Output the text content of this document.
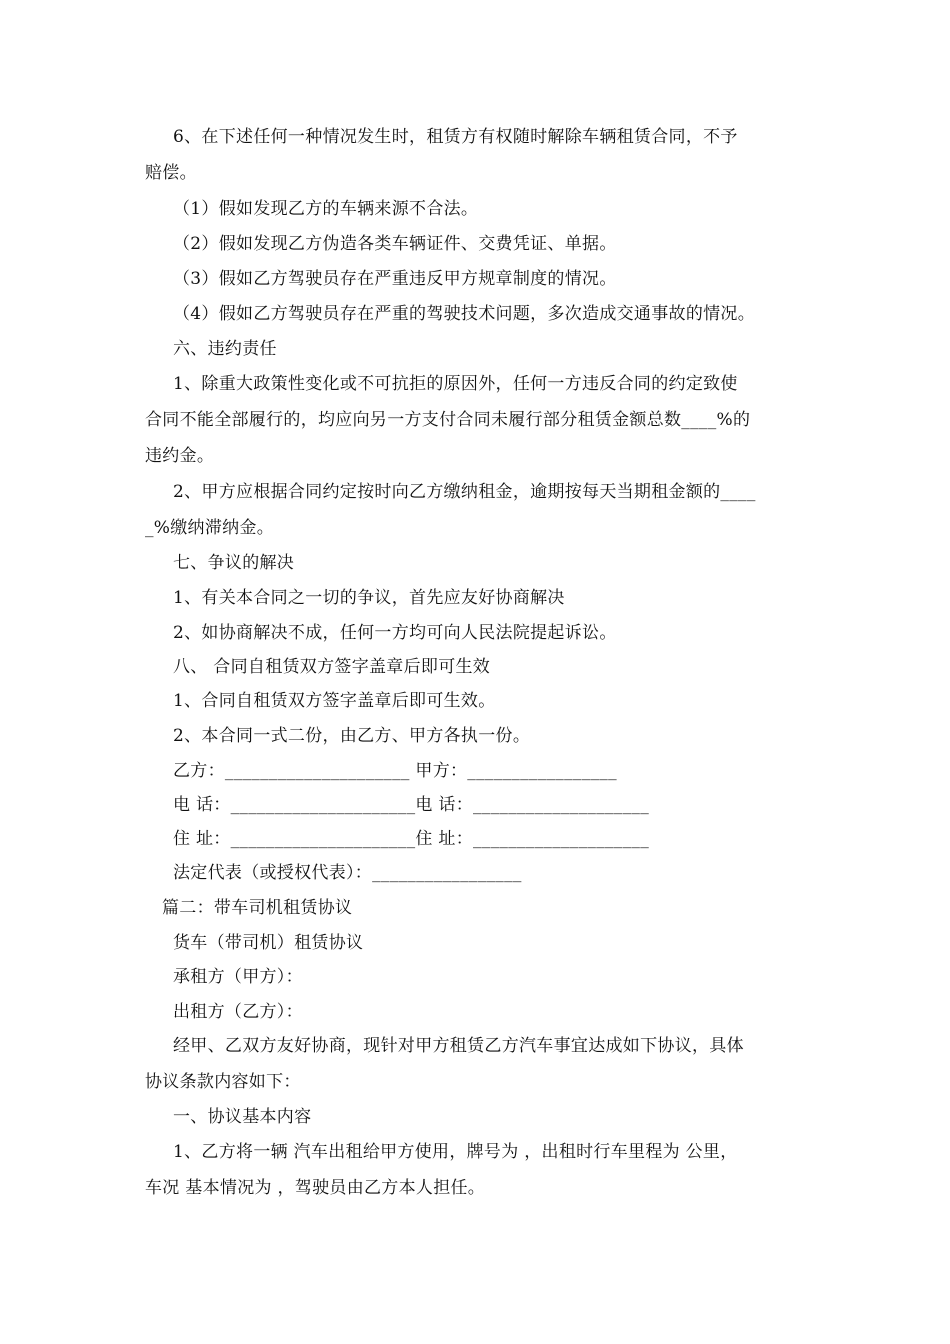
6、在下述任何一种情况发生时，租赁方有权随时解除车辆租赁合同，不予
赔偿。
（1）假如发现乙方的车辆来源不合法。
（2）假如发现乙方伪造各类车辆证件、交费凭证、单据。
（3）假如乙方驾驶员存在严重违反甲方规章制度的情况。
（4）假如乙方驾驶员存在严重的驾驶技术问题，多次造成交通事故的情况。
六、违约责任
1、除重大政策性变化或不可抗拒的原因外，任何一方违反合同的约定致使
合同不能全部履行的，均应向另一方支付合同未履行部分租赁金额总数____%的
违约金。
2、甲方应根据合同约定按时向乙方缴纳租金，逾期按每天当期租金额的____
_%缴纳滞纳金。
七、争议的解决
1、有关本合同之一切的争议，首先应友好协商解决
2、如协商解决不成，任何一方均可向人民法院提起诉讼。
八、 合同自租赁双方签字盖章后即可生效
1、合同自租赁双方签字盖章后即可生效。
2、本合同一式二份，由乙方、甲方各执一份。
乙方：_____________________ 甲方：_________________
电 话：_____________________电 话：____________________
住 址：_____________________住 址：____________________
法定代表（或授权代表）：_________________
篇二：带车司机租赁协议
货车（带司机）租赁协议
承租方（甲方）：
出租方（乙方）：
经甲、乙双方友好协商，现针对甲方租赁乙方汽车事宜达成如下协议，具体
协议条款内容如下：
一、协议基本内容
1、乙方将一辆 汽车出租给甲方使用，牌号为 ，出租时行车里程为 公里，
车况 基本情况为 ，驾驶员由乙方本人担任。
